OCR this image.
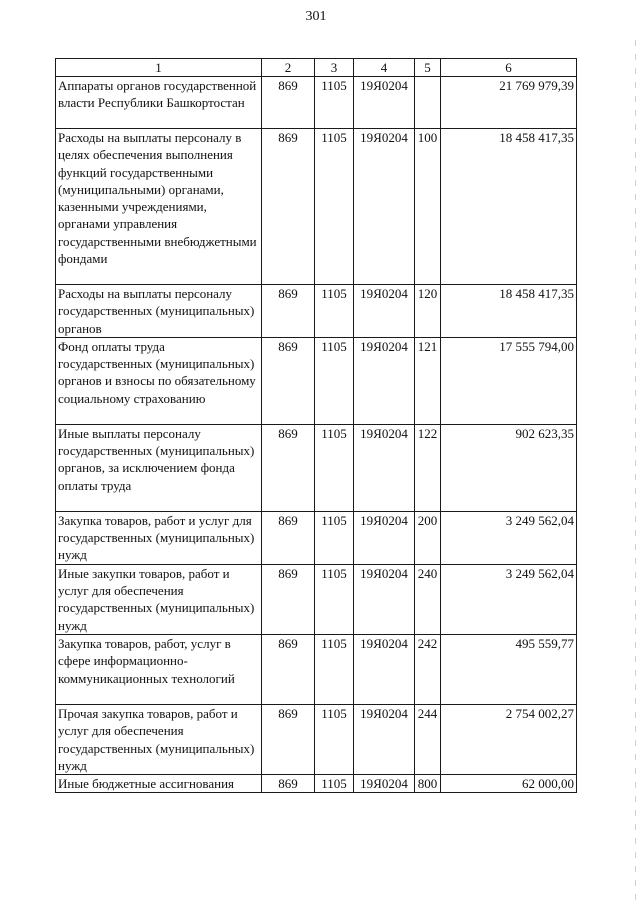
301
1	2	3	4	5	6
Аппараты органов государственной власти Республики Башкортостан	869	1105	19Я0204		21 769 979,39
Расходы на выплаты персоналу в целях обеспечения выполнения функций государственными (муниципальными) органами, казенными учреждениями, органами управления государственными внебюджетными фондами	869	1105	19Я0204	100	18 458 417,35
Расходы на выплаты персоналу государственных (муниципальных) органов	869	1105	19Я0204	120	18 458 417,35
Фонд оплаты труда государственных (муниципальных) органов и взносы по обязательному социальному страхованию	869	1105	19Я0204	121	17 555 794,00
Иные выплаты персоналу государственных (муниципальных) органов, за исключением фонда оплаты труда	869	1105	19Я0204	122	902 623,35
Закупка товаров, работ и услуг для государственных (муниципальных) нужд	869	1105	19Я0204	200	3 249 562,04
Иные закупки товаров, работ и услуг для обеспечения государственных (муниципальных) нужд	869	1105	19Я0204	240	3 249 562,04
Закупка товаров, работ, услуг в сфере информационно-коммуникационных технологий	869	1105	19Я0204	242	495 559,77
Прочая закупка товаров, работ и услуг для обеспечения государственных (муниципальных) нужд	869	1105	19Я0204	244	2 754 002,27
Иные бюджетные ассигнования	869	1105	19Я0204	800	62 000,00
